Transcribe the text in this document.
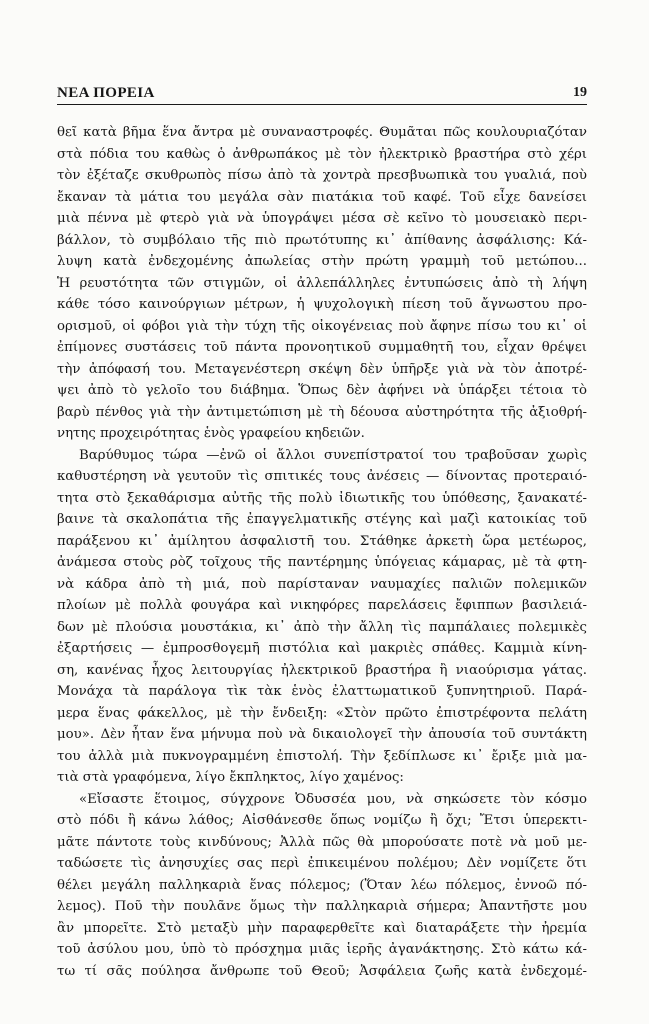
ΝΕΑ ΠΟΡΕΙΑ	19
θεῖ κατὰ βῆμα ἕνα ἄντρα μὲ συναναστροφές. Θυμᾶται πῶς κουλουριαζόταν
στὰ πόδια του καθὼς ὁ ἀνθρωπάκος μὲ τὸν ἠλεκτρικὸ βραστήρα στὸ χέρι
τὸν ἐξέταζε σκυθρωπὸς πίσω ἀπὸ τὰ χοντρὰ πρεσβυωπικὰ του γυαλιά, ποὺ
ἔκαναν τὰ μάτια του μεγάλα σὰν πιατάκια τοῦ καφέ. Τοῦ εἶχε δανείσει
μιὰ πέννα μὲ φτερὸ γιὰ νὰ ὑπογράψει μέσα σὲ κεῖνο τὸ μουσειακὸ περι-
βάλλον, τὸ συμβόλαιο τῆς πιὸ πρωτότυπης κι᾽ ἀπίθανης ἀσφάλισης: Κά-
λυψη κατὰ ἐνδεχομένης ἀπωλείας στὴν πρώτη γραμμὴ τοῦ μετώπου...
Ἡ ρευστότητα τῶν στιγμῶν, οἱ ἀλλεπάλληλες ἐντυπώσεις ἀπὸ τὴ λήψη
κάθε τόσο καινούργιων μέτρων, ἡ ψυχολογικὴ πίεση τοῦ ἄγνωστου προ-
ορισμοῦ, οἱ φόβοι γιὰ τὴν τύχη τῆς οἰκογένειας ποὺ ἄφηνε πίσω του κι᾽ οἱ
ἐπίμονες συστάσεις τοῦ πάντα προνοητικοῦ συμμαθητῆ του, εἶχαν θρέψει
τὴν ἀπόφασή του. Μεταγενέστερη σκέψη δὲν ὑπῆρξε γιὰ νὰ τὸν ἀποτρέ-
ψει ἀπὸ τὸ γελοῖο του διάβημα. Ὅπως δὲν ἀφήνει νὰ ὑπάρξει τέτοια τὸ
βαρὺ πένθος γιὰ τὴν ἀντιμετώπιση μὲ τὴ δέουσα αὐστηρότητα τῆς ἀξιοθρή-
νητης προχειρότητας ἑνὸς γραφείου κηδειῶν.
Βαρύθυμος τώρα —ἐνῶ οἱ ἄλλοι συνεπίστρατοί του τραβοῦσαν χωρὶς
καθυστέρηση νὰ γευτοῦν τὶς σπιτικές τους ἀνέσεις — δίνοντας προτεραιό-
τητα στὸ ξεκαθάρισμα αὐτῆς τῆς πολὺ ἰδιωτικῆς του ὑπόθεσης, ξανακατέ-
βαινε τὰ σκαλοπάτια τῆς ἐπαγγελματικῆς στέγης καὶ μαζὶ κατοικίας τοῦ
παράξενου κι᾽ ἀμίλητου ἀσφαλιστῆ του. Στάθηκε ἀρκετὴ ὥρα μετέωρος,
ἀνάμεσα στοὺς ρὸζ τοῖχους τῆς παντέρημης ὑπόγειας κάμαρας, μὲ τὰ φτη-
νὰ κάδρα ἀπὸ τὴ μιά, ποὺ παρίσταναν ναυμαχίες παλιῶν πολεμικῶν
πλοίων μὲ πολλὰ φουγάρα καὶ νικηφόρες παρελάσεις ἔφιππων βασιλειά-
δων μὲ πλούσια μουστάκια, κι᾽ ἀπὸ τὴν ἄλλη τὶς παμπάλαιες πολεμικὲς
ἐξαρτήσεις — ἐμπροσθογεμῆ πιστόλια καὶ μακριὲς σπάθες. Καμμιὰ κίνη-
ση, κανένας ἦχος λειτουργίας ἠλεκτρικοῦ βραστήρα ἢ νιαούρισμα γάτας.
Μονάχα τὰ παράλογα τὶκ τὰκ ἑνὸς ἐλαττωματικοῦ ξυπνητηριοῦ. Παρά-
μερα ἕνας φάκελλος, μὲ τὴν ἔνδειξη: «Στὸν πρῶτο ἐπιστρέφοντα πελάτη
μου». Δὲν ἦταν ἕνα μήνυμα ποὺ νὰ δικαιολογεῖ τὴν ἀπουσία τοῦ συντάκτη
του ἀλλὰ μιὰ πυκνογραμμένη ἐπιστολή. Τὴν ξεδίπλωσε κι᾽ ἔριξε μιὰ μα-
τιὰ στὰ γραφόμενα, λίγο ἔκπληκτος, λίγο χαμένος:
«Εἴσαστε ἕτοιμος, σύγχρονε Ὀδυσσέα μου, νὰ σηκώσετε τὸν κόσμο
στὸ πόδι ἢ κάνω λάθος; Αἰσθάνεσθε ὅπως νομίζω ἢ ὄχι; Ἔτσι ὑπερεκτι-
μᾶτε πάντοτε τοὺς κινδύνους; Ἀλλὰ πῶς θὰ μπορούσατε ποτὲ νὰ μοῦ με-
ταδώσετε τὶς ἀνησυχίες σας περὶ ἐπικειμένου πολέμου; Δὲν νομίζετε ὅτι
θέλει μεγάλη παλληκαριὰ ἕνας πόλεμος; (Ὅταν λέω πόλεμος, ἐννοῶ πό-
λεμος). Ποῦ τὴν πουλᾶνε ὅμως τὴν παλληκαριὰ σήμερα; Ἀπαντῆστε μου
ἂν μπορεῖτε. Στὸ μεταξὺ μὴν παραφερθεῖτε καὶ διαταράξετε τὴν ἠρεμία
τοῦ ἀσύλου μου, ὑπὸ τὸ πρόσχημα μιᾶς ἱερῆς ἀγανάκτησης. Στὸ κάτω κά-
τω τί σᾶς πούλησα ἄνθρωπε τοῦ Θεοῦ; Ἀσφάλεια ζωῆς κατὰ ἐνδεχομέ-
